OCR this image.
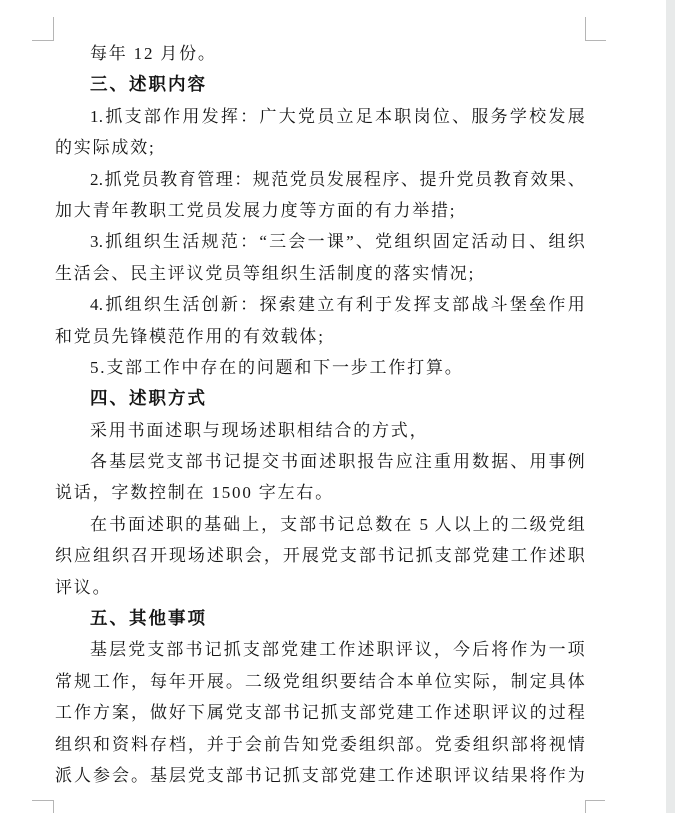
每年 12 月份。
三、述职内容
1.抓支部作用发挥：广大党员立足本职岗位、服务学校发展
的实际成效;
2.抓党员教育管理：规范党员发展程序、提升党员教育效果、
加大青年教职工党员发展力度等方面的有力举措;
3.抓组织生活规范：“三会一课”、党组织固定活动日、组织
生活会、民主评议党员等组织生活制度的落实情况;
4.抓组织生活创新：探索建立有利于发挥支部战斗堡垒作用
和党员先锋模范作用的有效载体;
5.支部工作中存在的问题和下一步工作打算。
四、述职方式
采用书面述职与现场述职相结合的方式，
各基层党支部书记提交书面述职报告应注重用数据、用事例
说话，字数控制在 1500 字左右。
在书面述职的基础上，支部书记总数在 5 人以上的二级党组
织应组织召开现场述职会，开展党支部书记抓支部党建工作述职
评议。
五、其他事项
基层党支部书记抓支部党建工作述职评议，今后将作为一项
常规工作，每年开展。二级党组织要结合本单位实际，制定具体
工作方案，做好下属党支部书记抓支部党建工作述职评议的过程
组织和资料存档，并于会前告知党委组织部。党委组织部将视情
派人参会。基层党支部书记抓支部党建工作述职评议结果将作为
